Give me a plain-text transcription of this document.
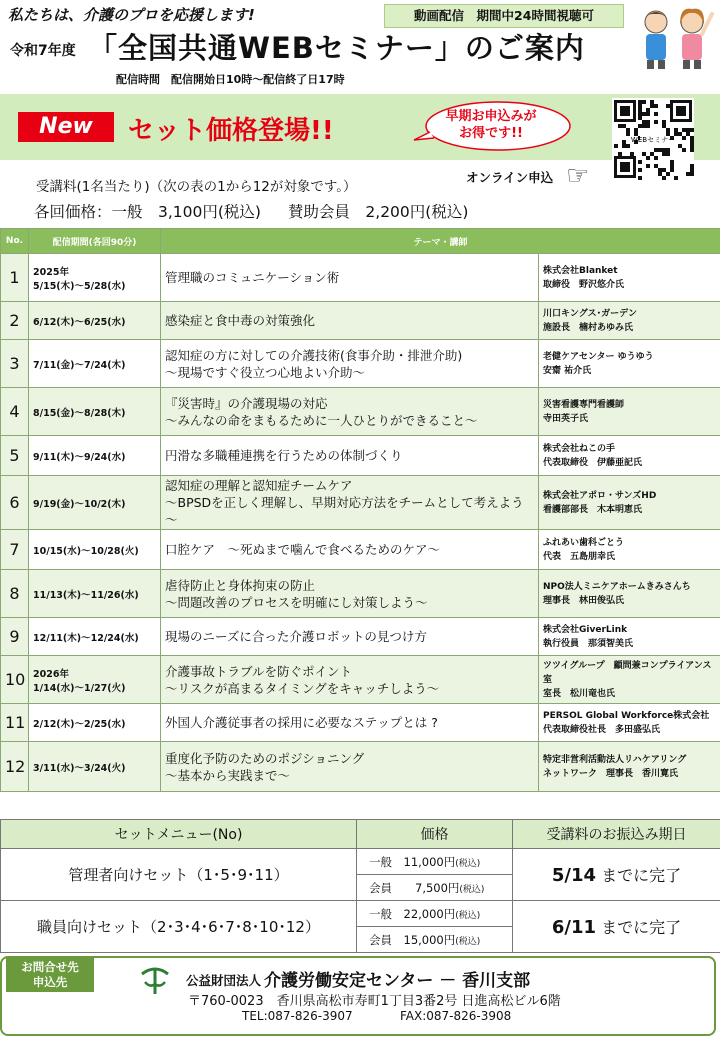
私たちは、介護のプロを応援します!	動画配信　期間中24時間視聴可
令和7年度 「全国共通WEBセミナー」のご案内
配信時間　配信開始日10時～配信終了日17時
New	セット価格登場!!	早期お申込みが
お得です!!	WEBセミナー
オンライン申込 ☞
受講料(1名当たり)（次の表の1から12が対象です。）
各回価格：一般　3,100円(税込) 賛助会員　2,200円(税込)
No.	配信期間(各回90分)	テーマ・講師	
1	2025年
5/15(木)～5/28(水)	管理職のコミュニケーション術	株式会社Blanket
取締役　野沢悠介氏
2	6/12(木)～6/25(水)	感染症と食中毒の対策強化	川口キングス･ガーデン
施設長　楠村あゆみ氏
3	7/11(金)～7/24(木)	認知症の方に対しての介護技術(食事介助・排泄介助)
～現場ですぐ役立つ心地よい介助～	老健ケアセンター ゆうゆう
安齋 祐介氏
4	8/15(金)～8/28(木)	『災害時』の介護現場の対応
～みんなの命をまもるために一人ひとりができること～	災害看護専門看護師
寺田英子氏
5	9/11(木)～9/24(水)	円滑な多職種連携を行うための体制づくり	株式会社ねこの手
代表取締役　伊藤亜記氏
6	9/19(金)～10/2(木)	認知症の理解と認知症チームケア
～BPSDを正しく理解し、早期対応方法をチームとして考えよう～	株式会社アポロ・サンズHD
看護部部長　木本明恵氏
7	10/15(水)～10/28(火)	口腔ケア　～死ぬまで噛んで食べるためのケア～	ふれあい歯科ごとう
代表　五島朋幸氏
8	11/13(木)～11/26(水)	虐待防止と身体拘束の防止
～問題改善のプロセスを明確にし対策しよう～	NPO法人ミニケアホームきみさんち
理事長　林田俊弘氏
9	12/11(木)～12/24(水)	現場のニーズに合った介護ロボットの見つけ方	株式会社GiverLink
執行役員　那須智美氏
10	2026年
1/14(水)～1/27(火)	介護事故トラブルを防ぐポイント
～リスクが高まるタイミングをキャッチしよう～	ツツイグループ　顧問兼コンプライアンス室
室長　松川竜也氏
11	2/12(木)～2/25(水)	外国人介護従事者の採用に必要なステップとは ?	PERSOL Global Workforce株式会社
代表取締役社長　多田盛弘氏
12	3/11(水)～3/24(火)	重度化予防のためのポジショニング
～基本から実践まで～	特定非営利活動法人リハケアリング
ネットワーク　理事長　香川寛氏
セットメニュー(No)	価格	受講料のお振込み期日
管理者向けセット（1･5･9･11）	一般　11,000円(税込)	5/14 までに完了
	会員　　7,500円(税込)	
職員向けセット（2･3･4･6･7･8･10･12）	一般　22,000円(税込)	6/11 までに完了
	会員　15,000円(税込)	
お問合せ先
申込先	公益財団法人 介護労働安定センター － 香川支部
〒760-0023　香川県高松市寿町1丁目3番2号 日進高松ビル6階
TEL:087-826-3907	FAX:087-826-3908
